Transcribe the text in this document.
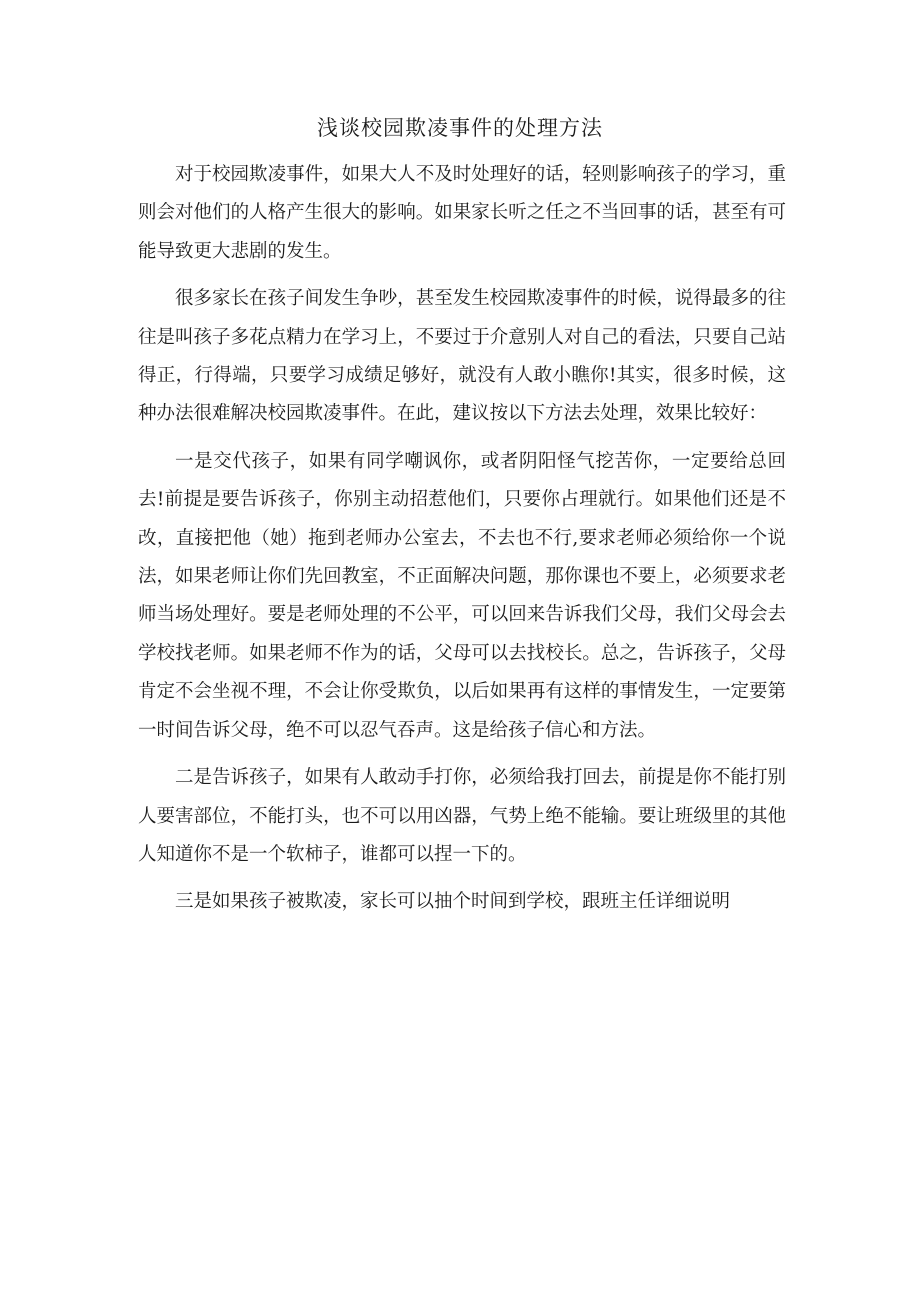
浅谈校园欺凌事件的处理方法

对于校园欺凌事件，如果大人不及时处理好的话，轻则影响孩子的学习，重则会对他们的人格产生很大的影响。如果家长听之任之不当回事的话，甚至有可能导致更大悲剧的发生。

很多家长在孩子间发生争吵，甚至发生校园欺凌事件的时候，说得最多的往往是叫孩子多花点精力在学习上，不要过于介意别人对自己的看法，只要自己站得正，行得端，只要学习成绩足够好，就没有人敢小瞧你!其实，很多时候，这种办法很难解决校园欺凌事件。在此，建议按以下方法去处理，效果比较好：

一是交代孩子，如果有同学嘲讽你，或者阴阳怪气挖苦你，一定要给总回去!前提是要告诉孩子，你别主动招惹他们，只要你占理就行。如果他们还是不改，直接把他（她）拖到老师办公室去，不去也不行,要求老师必须给你一个说法，如果老师让你们先回教室，不正面解决问题，那你课也不要上，必须要求老师当场处理好。要是老师处理的不公平，可以回来告诉我们父母，我们父母会去学校找老师。如果老师不作为的话，父母可以去找校长。总之，告诉孩子，父母肯定不会坐视不理，不会让你受欺负，以后如果再有这样的事情发生，一定要第一时间告诉父母，绝不可以忍气吞声。这是给孩子信心和方法。

二是告诉孩子，如果有人敢动手打你，必须给我打回去，前提是你不能打别人要害部位，不能打头，也不可以用凶器，气势上绝不能输。要让班级里的其他人知道你不是一个软柿子，谁都可以捏一下的。

三是如果孩子被欺凌，家长可以抽个时间到学校，跟班主任详细说明
